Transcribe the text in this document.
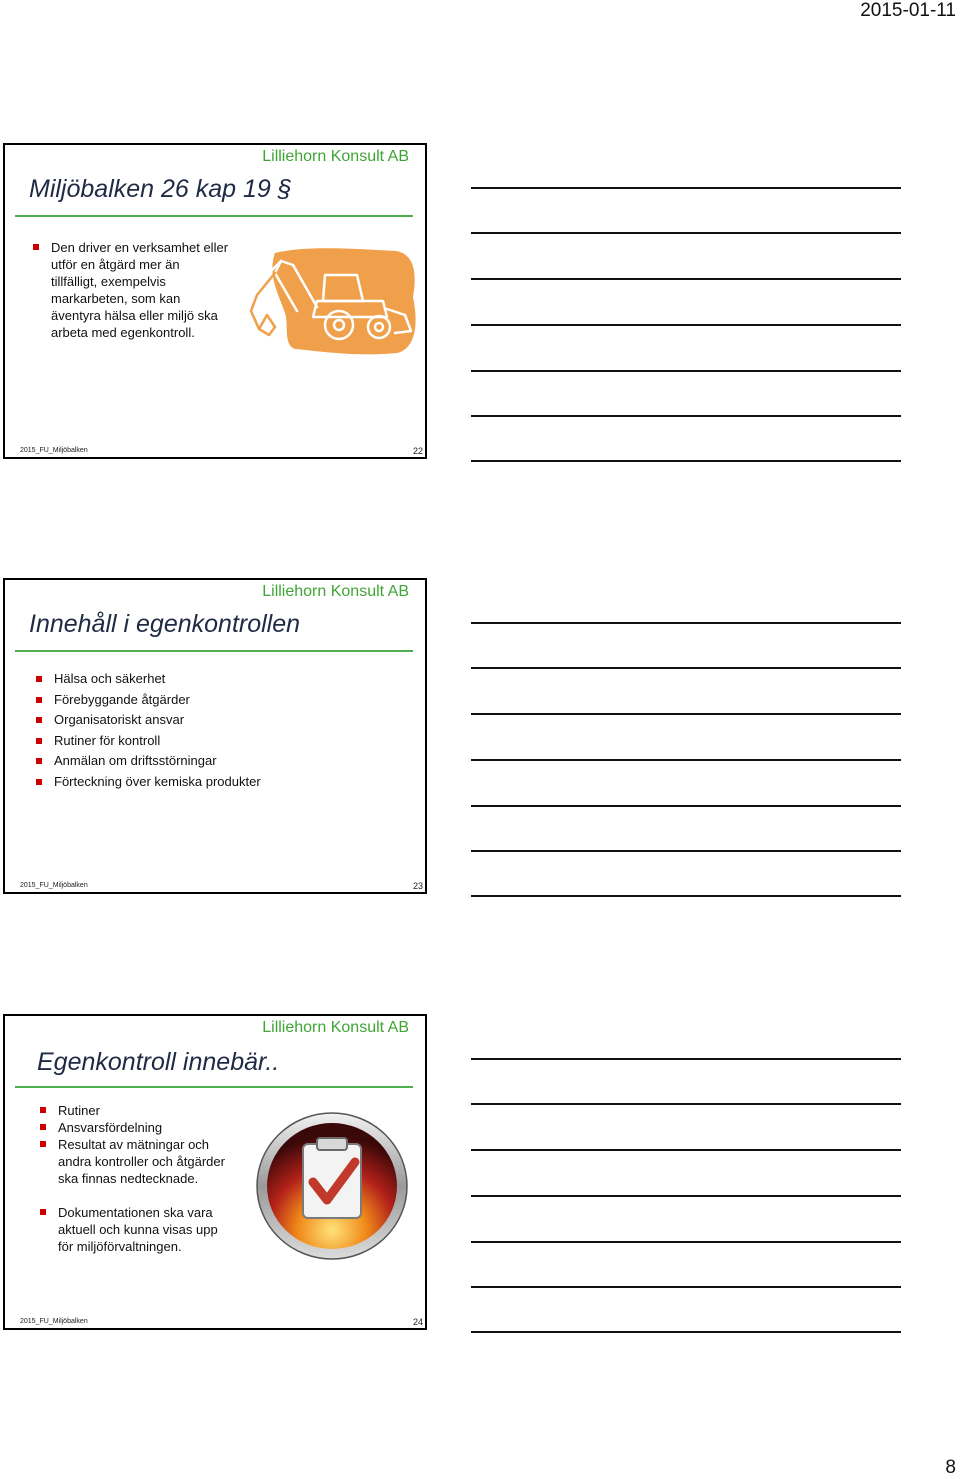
2015-01-11
Lilliehorn Konsult AB
Miljöbalken 26 kap 19 §
Den driver en verksamhet eller utför en åtgärd mer än tillfälligt, exempelvis markarbeten, som kan äventyra hälsa eller miljö ska arbeta med egenkontroll.
2015_FU_Miljöbalken	22
Lilliehorn Konsult AB
Innehåll i egenkontrollen
Hälsa och säkerhet
Förebyggande åtgärder
Organisatoriskt ansvar
Rutiner för kontroll
Anmälan om driftsstörningar
Förteckning över kemiska produkter
2015_FU_Miljöbalken	23
Lilliehorn Konsult AB
Egenkontroll innebär..
Rutiner
Ansvarsfördelning
Resultat av mätningar och andra kontroller och åtgärder ska finnas nedtecknade.
Dokumentationen ska vara aktuell och kunna visas upp för miljöförvaltningen.
2015_FU_Miljöbalken	24
8
